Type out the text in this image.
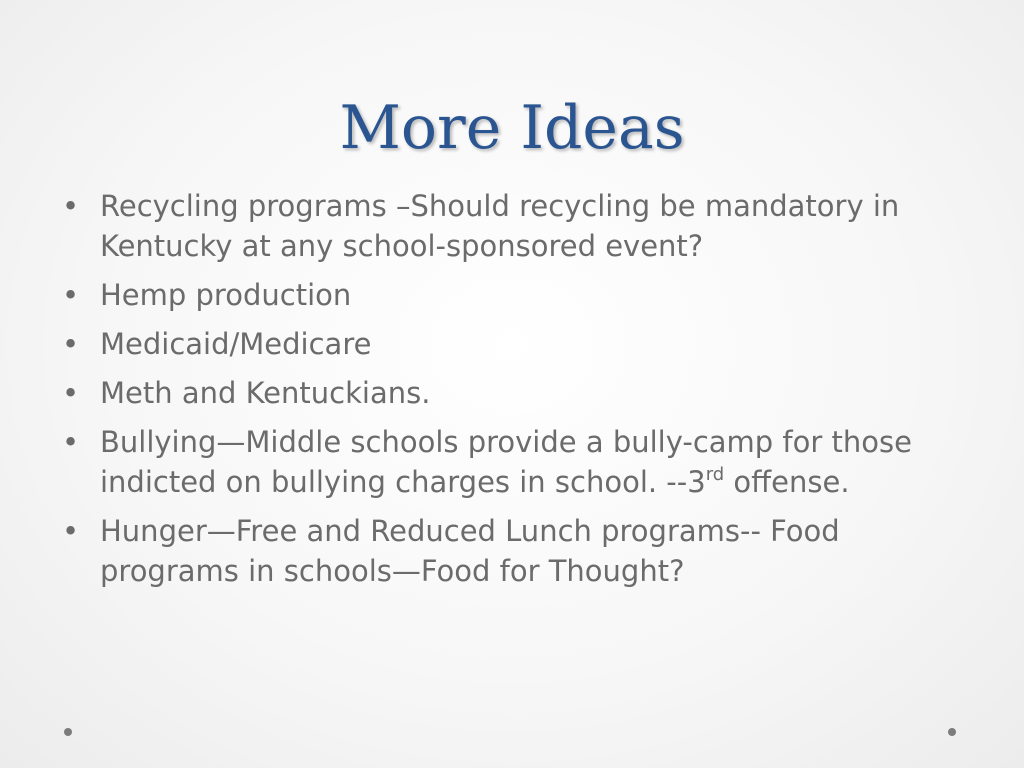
More Ideas
• Recycling programs –Should recycling be mandatory in Kentucky at any school-sponsored event?
• Hemp production
• Medicaid/Medicare
• Meth and Kentuckians.
• Bullying—Middle schools provide a bully-camp for those indicted on bullying charges in school. --3rd offense.
• Hunger—Free and Reduced Lunch programs-- Food programs in schools—Food for Thought?
